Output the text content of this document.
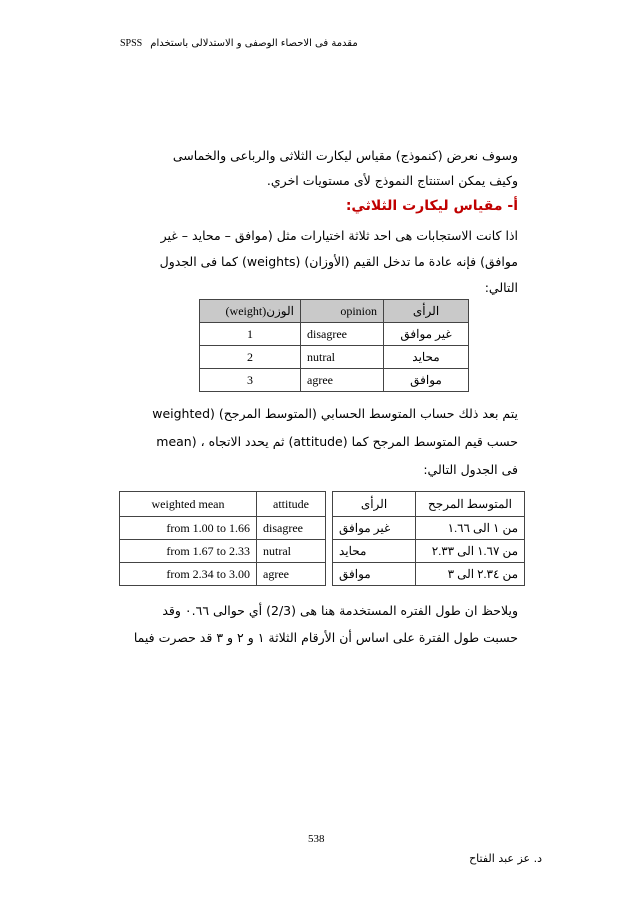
SPSS مقدمة فى الاحصاء الوصفى و الاستدلالى باستخدام
وسوف نعرض (كنموذج) مقياس ليكارت الثلاثى والرباعى والخماسى
وكيف يمكن استنتاج النموذج لأى مستويات اخري.
أ- مقياس ليكارت الثلاثي:
اذا كانت الاستجابات هى احد ثلاثة اختيارات مثل (موافق – محايد – غير
موافق) فإنه عادة ما تدخل القيم (الأوزان) (weights) كما فى الجدول
التالي:
الوزن(weight)	opinion	الرأى
1	disagree	غير موافق
2	nutral	محايد
3	agree	موافق
يتم بعد ذلك حساب المتوسط الحسابي (المتوسط المرجح) (weighted
mean) ، ثم يحدد الاتجاه (attitude) حسب قيم المتوسط المرجح كما
فى الجدول التالي:
weighted mean	attitude
from 1.00 to 1.66	disagree
from 1.67 to 2.33	nutral
from 2.34 to 3.00	agree
الرأى	المتوسط المرجح
غير موافق	من ١ الى ١.٦٦
محايد	من ١.٦٧ الى ٢.٣٣
موافق	من ٢.٣٤ الى ٣
ويلاحظ ان طول الفتره المستخدمة هنا هى (2/3) أي حوالى ٠.٦٦ وقد
حسبت طول الفترة على اساس أن الأرقام الثلاثة ١ و ٢ و ٣ قد حصرت فيما
538
د. عز عبد الفتاح
